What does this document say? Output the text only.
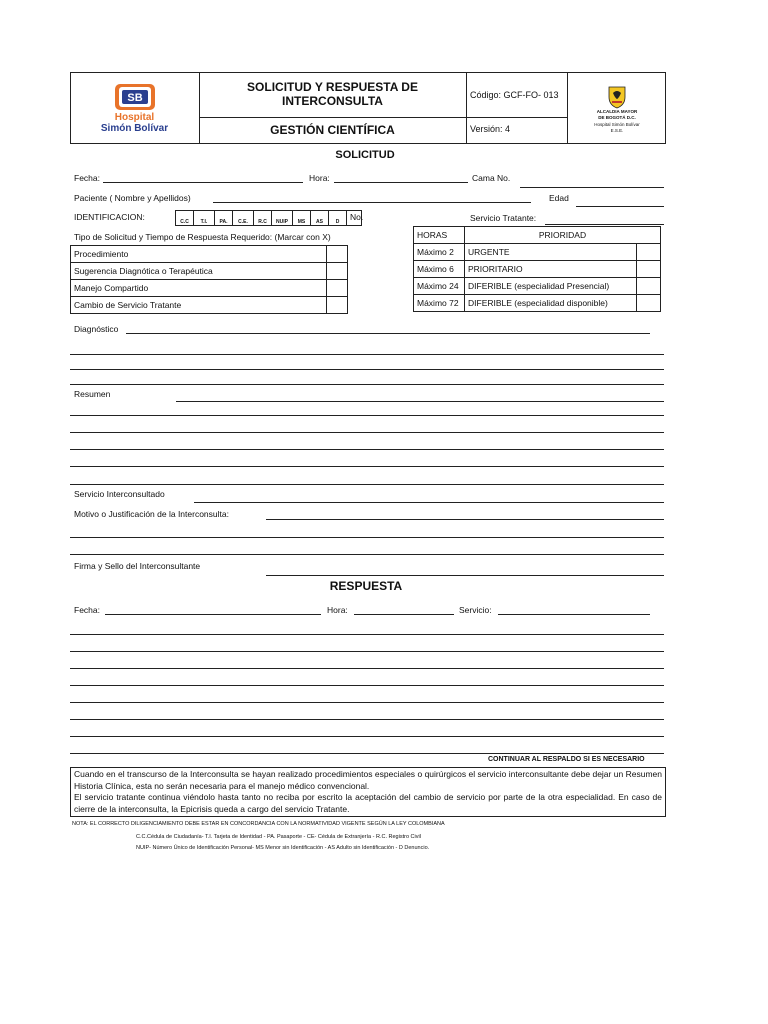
SB
Hospital
Simón Bolívar
SOLICITUD Y RESPUESTA DE
INTERCONSULTA
GESTIÓN CIENTÍFICA
Código: GCF-FO- 013
Versión: 4
ALCALDIA MAYOR
DE BOGOTÁ D.C.
Hospital Simón Bolívar
E.S.E.
SOLICITUD
Fecha:	Hora:	Cama No.
Paciente ( Nombre y Apellidos)	Edad
IDENTIFICACION:	C.C	T.I.	PA.	C.E.	R.C	NUIP	MS	AS	D	No.	Servicio Tratante:
Tipo de Solicitud y Tiempo de Respuesta Requerido: (Marcar con X)
Procedimiento	
Sugerencia Diagnótica o Terapéutica	
Manejo Compartido	
Cambio de Servicio Tratante	
HORAS	PRIORIDAD	
Máximo 2	URGENTE	
Máximo 6	PRIORITARIO	
Máximo 24	DIFERIBLE (especialidad Presencial)	
Máximo 72	DIFERIBLE (especialidad disponible)	
Diagnóstico
Resumen
Servicio Interconsultado
Motivo o Justificación de la Interconsulta:
Firma y Sello del Interconsultante
RESPUESTA
Fecha:	Hora:	Servicio:
CONTINUAR AL RESPALDO SI ES NECESARIO
Cuando en el transcurso de la Interconsulta se hayan realizado procedimientos especiales o quirúrgicos el servicio interconsultante debe dejar un Resumen Historia Clínica, esta no serán necesaria para el manejo médico convencional.
El servicio tratante continua viéndolo hasta tanto no reciba por escrito la aceptación del cambio de servicio por parte de la otra especialidad. En caso de cierre de la interconsulta, la Epicrisis queda a cargo del servicio Tratante.
NOTA: EL CORRECTO DILIGENCIAMIENTO DEBE ESTAR EN CONCORDANCIA CON LA NORMATIVIDAD VIGENTE SEGÚN LA LEY COLOMBIANA
C.C.Cédula de Ciudadanía- T.I. Tarjeta de Identidad - PA. Pasaporte - CE- Cédula de Extranjería - R.C. Registro Civil
NUIP- Número Único de Identificación Personal- MS Menor sin Identificación - AS Adulto sin Identificación - D Denuncio.
